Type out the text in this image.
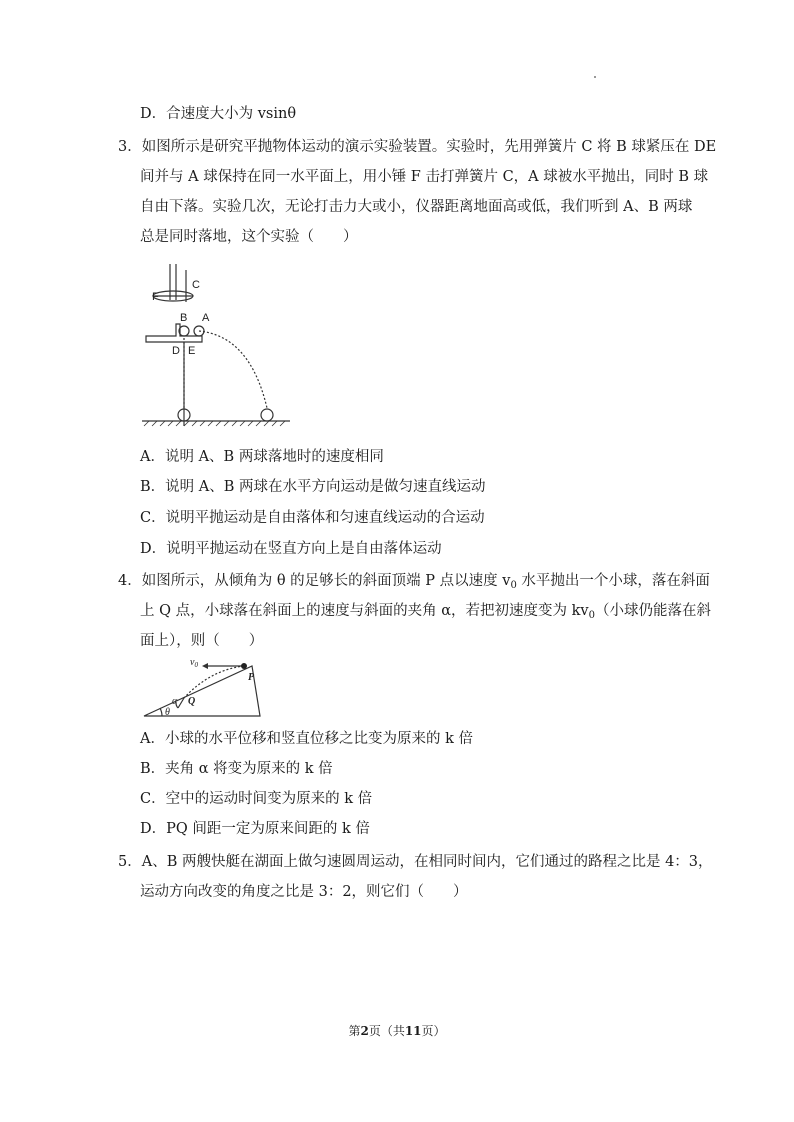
D．合速度大小为 vsinθ
3．如图所示是研究平抛物体运动的演示实验装置。实验时，先用弹簧片 C 将 B 球紧压在 DE
间并与 A 球保持在同一水平面上，用小锤 F 击打弹簧片 C，A 球被水平抛出，同时 B 球
自由下落。实验几次，无论打击力大或小，仪器距离地面高或低，我们听到 A、B 两球
总是同时落地，这个实验（　　）
F
C
B A
D E
A．说明 A、B 两球落地时的速度相同
B．说明 A、B 两球在水平方向运动是做匀速直线运动
C．说明平抛运动是自由落体和匀速直线运动的合运动
D．说明平抛运动在竖直方向上是自由落体运动
4．如图所示，从倾角为 θ 的足够长的斜面顶端 P 点以速度 $v_0$ 水平抛出一个小球，落在斜面
上 Q 点，小球落在斜面上的速度与斜面的夹角 α，若把初速度变为 $kv_0$（小球仍能落在斜
面上），则（　　）
$v_0$
P
Q
α
θ
A．小球的水平位移和竖直位移之比变为原来的 k 倍
B．夹角 α 将变为原来的 k 倍
C．空中的运动时间变为原来的 k 倍
D．PQ 间距一定为原来间距的 k 倍
5．A、B 两艘快艇在湖面上做匀速圆周运动，在相同时间内，它们通过的路程之比是 4：3，
运动方向改变的角度之比是 3：2，则它们（　　）
第2页（共11页）
